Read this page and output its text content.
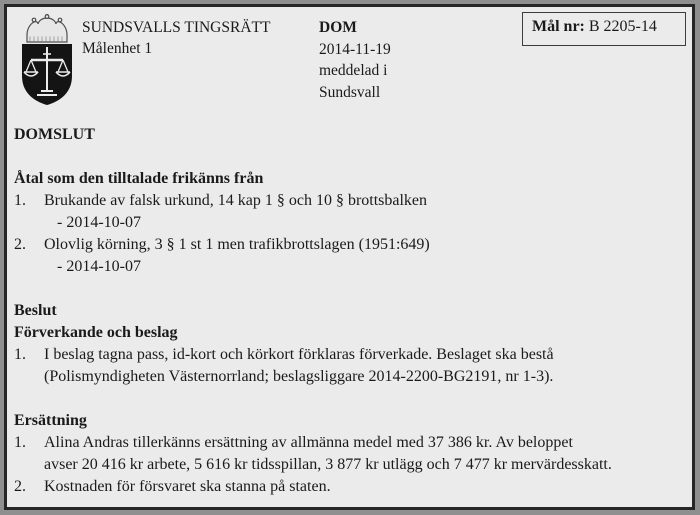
SUNDSVALLS TINGSRÄTT
Målenhet 1
DOM
2014-11-19
meddelad i
Sundsvall
Mål nr: B 2205-14
DOMSLUT
Åtal som den tilltalade frikänns från
1.	Brukande av falsk urkund, 14 kap 1 § och 10 § brottsbalken
- 2014-10-07
2.	Olovlig körning, 3 § 1 st 1 men trafikbrottslagen (1951:649)
- 2014-10-07
Beslut
Förverkande och beslag
1.	I beslag tagna pass, id-kort och körkort förklaras förverkade. Beslaget ska bestå
(Polismyndigheten Västernorrland; beslagsliggare 2014-2200-BG2191, nr 1-3).
Ersättning
1.	Alina Andras tillerkänns ersättning av allmänna medel med 37 386 kr. Av beloppet
avser 20 416 kr arbete, 5 616 kr tidsspillan, 3 877 kr utlägg och 7 477 kr mervärdesskatt.
2.	Kostnaden för försvaret ska stanna på staten.
